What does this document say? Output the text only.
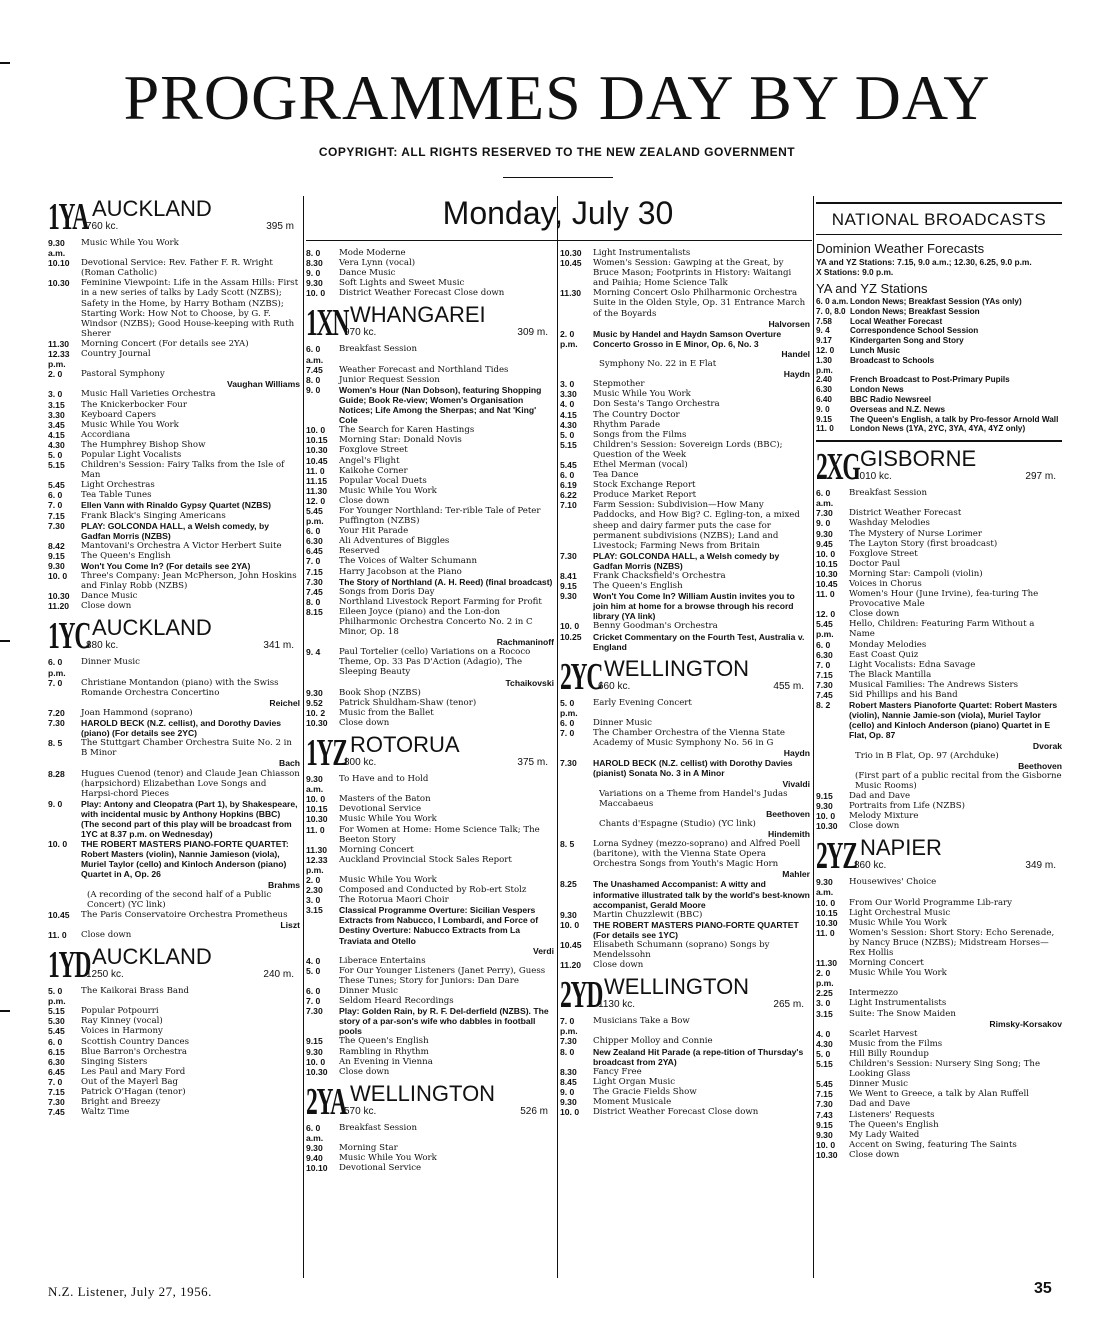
PROGRAMMES DAY BY DAY
COPYRIGHT: ALL RIGHTS RESERVED TO THE NEW ZEALAND GOVERNMENT
Monday, July 30
1YA AUCKLAND
760 kc.	395 m
9.30 a.m.
Music While You Work
10.10	Devotional Service: Rev. Father F. R. Wright (Roman Catholic)
10.30	Feminine Viewpoint: Life in the Assam Hills: First in a new series of talks by Lady Scott (NZBS); Safety in the Home, by Harry Botham (NZBS); Starting Work: How Not to Choose, by G. F. Windsor (NZBS); Good House-keeping with Ruth Sherer
11.30	Morning Concert (For details see 2YA)
12.33 p.m.
Country Journal
2. 0	Pastoral Symphony
Vaughan Williams
3. 0	Music Hall Varieties Orchestra
3.15	The Knickerbocker Four
3.30	Keyboard Capers
3.45	Music While You Work
4.15	Accordiana
4.30	The Humphrey Bishop Show
5. 0	Popular Light Vocalists
5.15	Children's Session: Fairy Talks from the Isle of Man
5.45	Light Orchestras
6. 0	Tea Table Tunes
7. 0	Ellen Vann with Rinaldo Gypsy Quartet (NZBS)
7.15	Frank Black's Singing Americans
7.30	PLAY: GOLCONDA HALL, a Welsh comedy, by Gadfan Morris (NZBS)
8.42	Mantovani's Orchestra A Victor Herbert Suite
9.15	The Queen's English
9.30	Won't You Come In? (For details see 2YA)
10. 0	Three's Company: Jean McPherson, John Hoskins and Finlay Robb (NZBS)
10.30	Dance Music
11.20	Close down
1YC AUCKLAND
880 kc.	341 m.
6. 0 p.m.
Dinner Music
7. 0	Christiane Montandon (piano) with the Swiss Romande Orchestra Concertino
Reichel
7.20	Joan Hammond (soprano)
7.30	HAROLD BECK (N.Z. cellist), and Dorothy Davies (piano) (For details see 2YC)
8. 5	The Stuttgart Chamber Orchestra Suite No. 2 in B Minor
Bach
8.28	Hugues Cuenod (tenor) and Claude Jean Chiasson (harpsichord) Elizabethan Love Songs and Harpsi-chord Pieces
9. 0	Play: Antony and Cleopatra (Part 1), by Shakespeare, with incidental music by Anthony Hopkins (BBC) (The second part of this play will be broadcast from 1YC at 8.37 p.m. on Wednesday)
10. 0	THE ROBERT MASTERS PIANO-FORTE QUARTET: Robert Masters (violin), Nannie Jamieson (viola), Muriel Taylor (cello) and Kinloch Anderson (piano) Quartet in A, Op. 26
Brahms
(A recording of the second half of a Public Concert) (YC link)
10.45	The Paris Conservatoire Orchestra Prometheus
Liszt
11. 0	Close down
1YD AUCKLAND
1250 kc.	240 m.
5. 0 p.m.
The Kaikorai Brass Band
5.15	Popular Potpourri
5.30	Ray Kinney (vocal)
5.45	Voices in Harmony
6. 0	Scottish Country Dances
6.15	Blue Barron's Orchestra
6.30	Singing Sisters
6.45	Les Paul and Mary Ford
7. 0	Out of the Mayerl Bag
7.15	Patrick O'Hagan (tenor)
7.30	Bright and Breezy
7.45	Waltz Time
8. 0	Mode Moderne
8.30	Vera Lynn (vocal)
9. 0	Dance Music
9.30	Soft Lights and Sweet Music
10. 0	District Weather Forecast Close down
1XN WHANGAREI
970 kc.	309 m.
6. 0 a.m.
Breakfast Session
7.45	Weather Forecast and Northland Tides
8. 0	Junior Request Session
9. 0	Women's Hour (Nan Dobson), featuring Shopping Guide; Book Re-view; Women's Organisation Notices; Life Among the Sherpas; and Nat 'King' Cole
10. 0	The Search for Karen Hastings
10.15	Morning Star: Donald Novis
10.30	Foxglove Street
10.45	Angel's Flight
11. 0	Kaikohe Corner
11.15	Popular Vocal Duets
11.30	Music While You Work
12. 0	Close down
5.45 p.m.
For Younger Northland: Ter-rible Tale of Peter Puffington (NZBS)
6. 0	Your Hit Parade
6.30	Ali Adventures of Biggles
6.45	Reserved
7. 0	The Voices of Walter Schumann
7.15	Harry Jacobson at the Piano
7.30	The Story of Northland (A. H. Reed) (final broadcast)
7.45	Songs from Doris Day
8. 0	Northland Livestock Report Farming for Profit
8.15	Eileen Joyce (piano) and the Lon-don Philharmonic Orchestra Concerto No. 2 in C Minor, Op. 18
Rachmaninoff
9. 4	Paul Tortelier (cello) Variations on a Rococo Theme, Op. 33 Pas D'Action (Adagio), The Sleeping Beauty
Tchaikovski
9.30	Book Shop (NZBS)
9.52	Patrick Shuldham-Shaw (tenor)
10. 2	Music from the Ballet
10.30	Close down
1YZ ROTORUA
800 kc.	375 m.
9.30 a.m.
To Have and to Hold
10. 0	Masters of the Baton
10.15	Devotional Service
10.30	Music While You Work
11. 0	For Women at Home: Home Science Talk; The Beeton Story
11.30	Morning Concert
12.33 p.m.
Auckland Provincial Stock Sales Report
2. 0	Music While You Work
2.30	Composed and Conducted by Rob-ert Stolz
3. 0	The Rotorua Maori Choir
3.15	Classical Programme Overture: Sicilian Vespers Extracts from Nabucco, I Lombardi, and Force of Destiny Overture: Nabucco Extracts from La Traviata and Otello
Verdi
4. 0	Liberace Entertains
5. 0	For Our Younger Listeners (Janet Perry), Guess These Tunes; Story for Juniors: Dan Dare
6. 0	Dinner Music
7. 0	Seldom Heard Recordings
7.30	Play: Golden Rain, by R. F. Del-derfield (NZBS). The story of a par-son's wife who dabbles in football pools
9.15	The Queen's English
9.30	Rambling in Rhythm
10. 0	An Evening in Vienna
10.30	Close down
2YA WELLINGTON
570 kc.	526 m
6. 0 a.m.
Breakfast Session
9.30	Morning Star
9.40	Music While You Work
10.10	Devotional Service
10.30	Light Instrumentalists
10.45	Women's Session: Gawping at the Great, by Bruce Mason; Footprints in History: Waitangi and Paihia; Home Science Talk
11.30	Morning Concert Oslo Philharmonic Orchestra Suite in the Olden Style, Op. 31 Entrance March of the Boyards
Halvorsen
2. 0 p.m.
Music by Handel and Haydn Samson Overture Concerto Grosso in E Minor, Op. 6, No. 3
Handel
Symphony No. 22 in E Flat
Haydn
3. 0	Stepmother
3.30	Music While You Work
4. 0	Don Sesta's Tango Orchestra
4.15	The Country Doctor
4.30	Rhythm Parade
5. 0	Songs from the Films
5.15	Children's Session: Sovereign Lords (BBC); Question of the Week
5.45	Ethel Merman (vocal)
6. 0	Tea Dance
6.19	Stock Exchange Report
6.22	Produce Market Report
7.10	Farm Session: Subdivision—How Many Paddocks, and How Big? C. Egling-ton, a mixed sheep and dairy farmer puts the case for permanent subdivisions (NZBS); Land and Livestock; Farming News from Britain
7.30	PLAY: GOLCONDA HALL, a Welsh comedy by Gadfan Morris (NZBS)
8.41	Frank Chacksfield's Orchestra
9.15	The Queen's English
9.30	Won't You Come In? William Austin invites you to join him at home for a browse through his record library (YA link)
10. 0	Benny Goodman's Orchestra
10.25	Cricket Commentary on the Fourth Test, Australia v. England
2YC WELLINGTON
660 kc.	455 m.
5. 0 p.m.
Early Evening Concert
6. 0	Dinner Music
7. 0	The Chamber Orchestra of the Vienna State Academy of Music Symphony No. 56 in G
Haydn
7.30	HAROLD BECK (N.Z. cellist) with Dorothy Davies (pianist) Sonata No. 3 in A Minor
Vivaldi
Variations on a Theme from Handel's Judas Maccabaeus
Beethoven
Chants d'Espagne (Studio) (YC link)
Hindemith
8. 5	Lorna Sydney (mezzo-soprano) and Alfred Poell (baritone), with the Vienna State Opera Orchestra Songs from Youth's Magic Horn
Mahler
8.25	The Unashamed Accompanist: A witty and informative illustrated talk by the world's best-known accompanist, Gerald Moore
9.30	Martin Chuzzlewit (BBC)
10. 0	THE ROBERT MASTERS PIANO-FORTE QUARTET (For details see 1YC)
10.45	Elisabeth Schumann (soprano) Songs by Mendelssohn
11.20	Close down
2YD WELLINGTON
1130 kc.	265 m.
7. 0 p.m.
Musicians Take a Bow
7.30	Chipper Molloy and Connie
8. 0	New Zealand Hit Parade (a repe-tition of Thursday's broadcast from 2YA)
8.30	Fancy Free
8.45	Light Organ Music
9. 0	The Gracie Fields Show
9.30	Moment Musicale
10. 0	District Weather Forecast Close down
NATIONAL BROADCASTS
Dominion Weather Forecasts
YA and YZ Stations: 7.15, 9.0 a.m.; 12.30, 6.25, 9.0 p.m.
X Stations: 9.0 p.m.
YA and YZ Stations
6. 0 a.m. London News; Breakfast Session (YAs only)
7. 0, 8.0 London News; Breakfast Session
7.58	Local Weather Forecast
9. 4	Correspondence School Session
9.17	Kindergarten Song and Story
12. 0	Lunch Music
1.30 p.m.
Broadcast to Schools
2.40	French Broadcast to Post-Primary Pupils
6.30	London News
6.40	BBC Radio Newsreel
9. 0	Overseas and N.Z. News
9.15	The Queen's English, a talk by Pro-fessor Arnold Wall
11. 0	London News (1YA, 2YC, 3YA, 4YA, 4YZ only)
2XG GISBORNE
1010 kc.	297 m.
6. 0 a.m.
Breakfast Session
7.30	District Weather Forecast
9. 0	Washday Melodies
9.30	The Mystery of Nurse Lorimer
9.45	The Layton Story (first broadcast)
10. 0	Foxglove Street
10.15	Doctor Paul
10.30	Morning Star: Campoli (violin)
10.45	Voices in Chorus
11. 0	Women's Hour (June Irvine), fea-turing The Provocative Male
12. 0	Close down
5.45 p.m.
Hello, Children: Featuring Farm Without a Name
6. 0	Monday Melodies
6.30	East Coast Quiz
7. 0	Light Vocalists: Edna Savage
7.15	The Black Mantilla
7.30	Musical Families: The Andrews Sisters
7.45	Sid Phillips and his Band
8. 2	Robert Masters Pianoforte Quartet: Robert Masters (violin), Nannie Jamie-son (viola), Muriel Taylor (cello) and Kinloch Anderson (piano) Quartet in E Flat, Op. 87
Dvorak
Trio in B Flat, Op. 97 (Archduke)
Beethoven
(First part of a public recital from the Gisborne Music Rooms)
9.15	Dad and Dave
9.30	Portraits from Life (NZBS)
10. 0	Melody Mixture
10.30	Close down
2YZ NAPIER
860 kc.	349 m.
9.30 a.m.
Housewives' Choice
10. 0	From Our World Programme Lib-rary
10.15	Light Orchestral Music
10.30	Music While You Work
11. 0	Women's Session: Short Story: Echo Serenade, by Nancy Bruce (NZBS); Midstream Horses—Rex Hollis
11.30	Morning Concert
2. 0 p.m.
Music While You Work
2.25	Intermezzo
3. 0	Light Instrumentalists
3.15	Suite: The Snow Maiden
Rimsky-Korsakov
4. 0	Scarlet Harvest
4.30	Music from the Films
5. 0	Hill Billy Roundup
5.15	Children's Session: Nursery Sing Song; The Looking Glass
5.45	Dinner Music
7.15	We Went to Greece, a talk by Alan Ruffell
7.30	Dad and Dave
7.43	Listeners' Requests
9.15	The Queen's English
9.30	My Lady Waited
10. 0	Accent on Swing, featuring The Saints
10.30	Close down
N.Z. Listener, July 27, 1956.	35
